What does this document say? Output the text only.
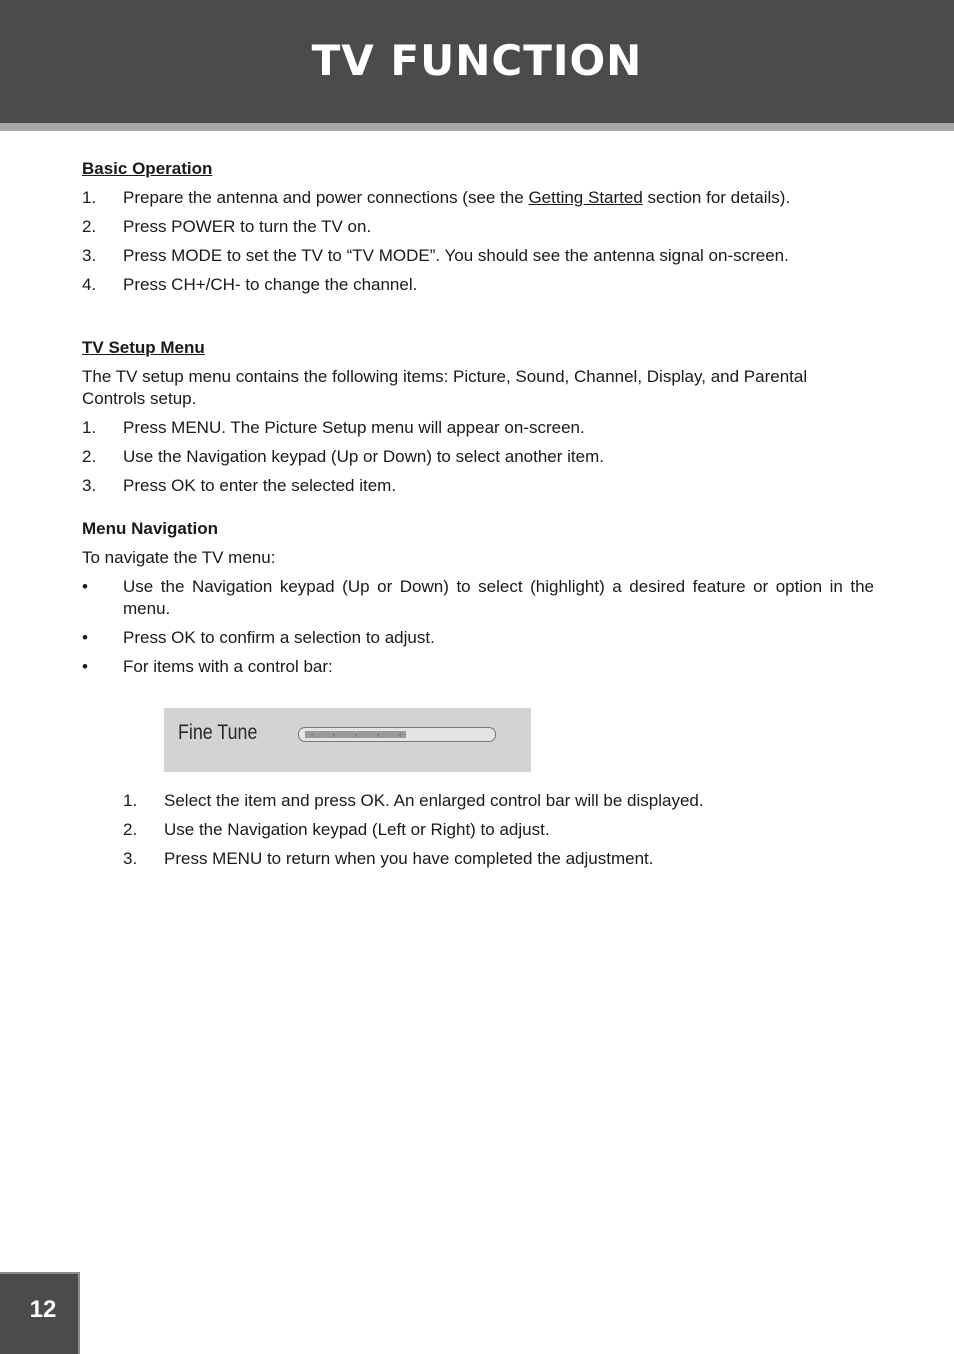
TV FUNCTION

Basic Operation

1.	Prepare the antenna and power connections (see the Getting Started section for details).
2.	Press POWER to turn the TV on.
3.	Press MODE to set the TV to “TV MODE”. You should see the antenna signal on-screen.
4.	Press CH+/CH- to change the channel.

TV Setup Menu

The TV setup menu contains the following items: Picture, Sound, Channel, Display, and Parental Controls setup.

1.	Press MENU. The Picture Setup menu will appear on-screen.
2.	Use the Navigation keypad (Up or Down) to select another item.
3.	Press OK to enter the selected item.

Menu Navigation

To navigate the TV menu:

•	Use the Navigation keypad (Up or Down) to select (highlight) a desired feature or option in the menu.
•	Press OK to confirm a selection to adjust.
•	For items with a control bar:
Fine Tune	‹	‹	‹	‹	‹
1.	Select the item and press OK. An enlarged control bar will be displayed.
2.	Use the Navigation keypad (Left or Right) to adjust.
3.	Press MENU to return when you have completed the adjustment.
12
